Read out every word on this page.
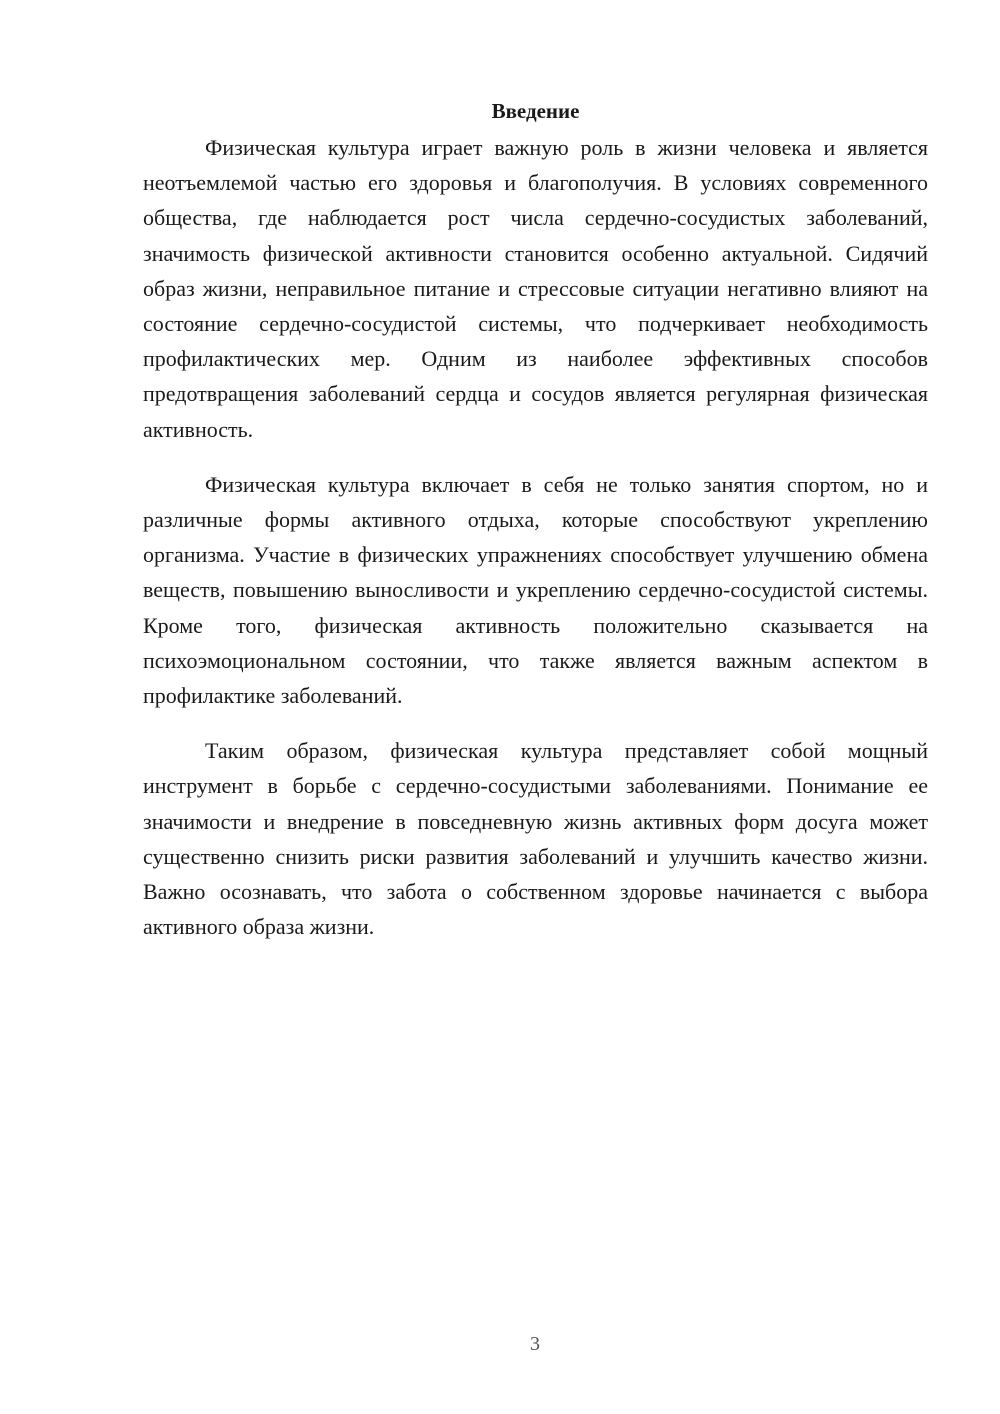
Введение

Физическая культура играет важную роль в жизни человека и является неотъемлемой частью его здоровья и благополучия. В условиях современного общества, где наблюдается рост числа сердечно-сосудистых заболеваний, значимость физической активности становится особенно актуальной. Сидячий образ жизни, неправильное питание и стрессовые ситуации негативно влияют на состояние сердечно-сосудистой системы, что подчеркивает необходимость профилактических мер. Одним из наиболее эффективных способов предотвращения заболеваний сердца и сосудов является регулярная физическая активность.

Физическая культура включает в себя не только занятия спортом, но и различные формы активного отдыха, которые способствуют укреплению организма. Участие в физических упражнениях способствует улучшению обмена веществ, повышению выносливости и укреплению сердечно-сосудистой системы. Кроме того, физическая активность положительно сказывается на психоэмоциональном состоянии, что также является важным аспектом в профилактике заболеваний.

Таким образом, физическая культура представляет собой мощный инструмент в борьбе с сердечно-сосудистыми заболеваниями. Понимание ее значимости и внедрение в повседневную жизнь активных форм досуга может существенно снизить риски развития заболеваний и улучшить качество жизни. Важно осознавать, что забота о собственном здоровье начинается с выбора активного образа жизни.

3
